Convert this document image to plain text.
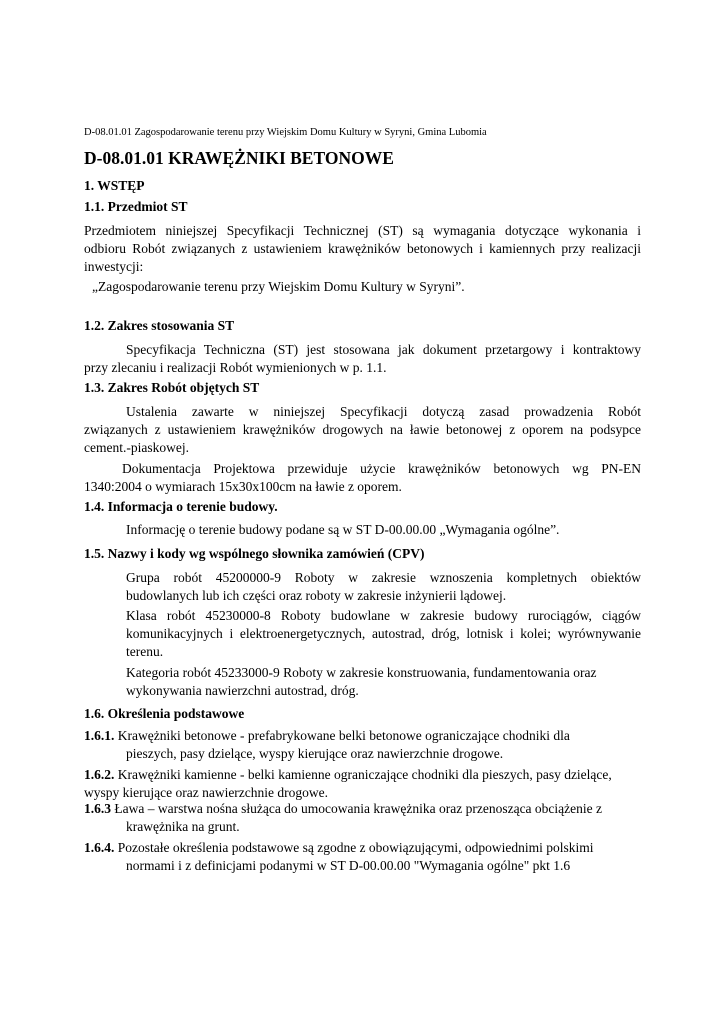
D-08.01.01 Zagospodarowanie terenu przy Wiejskim Domu Kultury w Syryni, Gmina Lubomia
D-08.01.01 KRAWĘŻNIKI BETONOWE
1. WSTĘP
1.1. Przedmiot ST
Przedmiotem niniejszej Specyfikacji Technicznej (ST) są wymagania dotyczące wykonania i
odbioru Robót związanych z ustawieniem krawężników betonowych i kamiennych przy realizacji
inwestycji:
„Zagospodarowanie terenu przy Wiejskim Domu Kultury w Syryni”.
1.2. Zakres stosowania ST
Specyfikacja Techniczna (ST) jest stosowana jak dokument przetargowy i kontraktowy
przy zlecaniu i realizacji Robót wymienionych w p. 1.1.
1.3. Zakres Robót objętych ST
Ustalenia zawarte w niniejszej Specyfikacji dotyczą zasad prowadzenia Robót
związanych z ustawieniem krawężników drogowych na ławie betonowej z oporem na podsypce
cement.-piaskowej.
Dokumentacja Projektowa przewiduje użycie krawężników betonowych wg PN-EN
1340:2004 o wymiarach 15x30x100cm na ławie z oporem.
1.4. Informacja o terenie budowy.
Informację o terenie budowy podane są w ST D-00.00.00 „Wymagania ogólne”.
1.5. Nazwy i kody wg wspólnego słownika zamówień (CPV)
Grupa robót 45200000-9 Roboty w zakresie wznoszenia kompletnych obiektów
budowlanych lub ich części oraz roboty w zakresie inżynierii lądowej.
Klasa robót 45230000-8 Roboty budowlane w zakresie budowy rurociągów, ciągów
komunikacyjnych i elektroenergetycznych, autostrad, dróg, lotnisk i kolei; wyrównywanie
terenu.
Kategoria robót 45233000-9 Roboty w zakresie konstruowania, fundamentowania oraz
wykonywania nawierzchni autostrad, dróg.
1.6. Określenia podstawowe
1.6.1. Krawężniki betonowe - prefabrykowane belki betonowe ograniczające chodniki dla
pieszych, pasy dzielące, wyspy kierujące oraz nawierzchnie drogowe.
1.6.2. Krawężniki kamienne - belki kamienne ograniczające chodniki dla pieszych, pasy dzielące,
wyspy kierujące oraz nawierzchnie drogowe.
1.6.3 Ława – warstwa nośna służąca do umocowania krawężnika oraz przenosząca obciążenie z
krawężnika na grunt.
1.6.4. Pozostałe określenia podstawowe są zgodne z obowiązującymi, odpowiednimi polskimi
normami i z definicjami podanymi w ST D-00.00.00 "Wymagania ogólne" pkt 1.6
